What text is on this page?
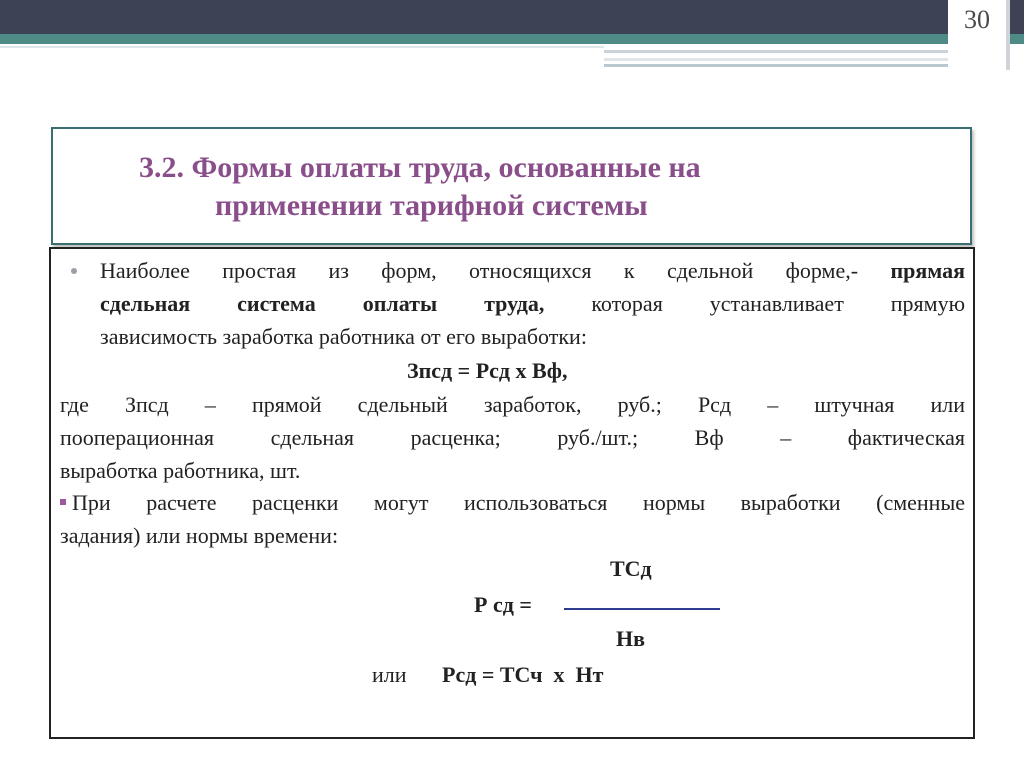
30
3.2. Формы оплаты труда, основанные на
применении тарифной системы
Наиболее простая из форм, относящихся к сдельной форме,- прямая
сдельная система оплаты труда, которая устанавливает прямую
зависимость заработка работника от его выработки:
Зпсд = Рсд х Вф,
где Зпсд – прямой сдельный заработок, руб.; Рсд – штучная или
пооперационная сдельная расценка; руб./шт.; Вф – фактическая
выработка работника, шт.
При расчете расценки могут использоваться нормы выработки (сменные
задания) или нормы времени:
ТСд
Р сд =
Нв
или Рсд = ТСч  х  Нт
